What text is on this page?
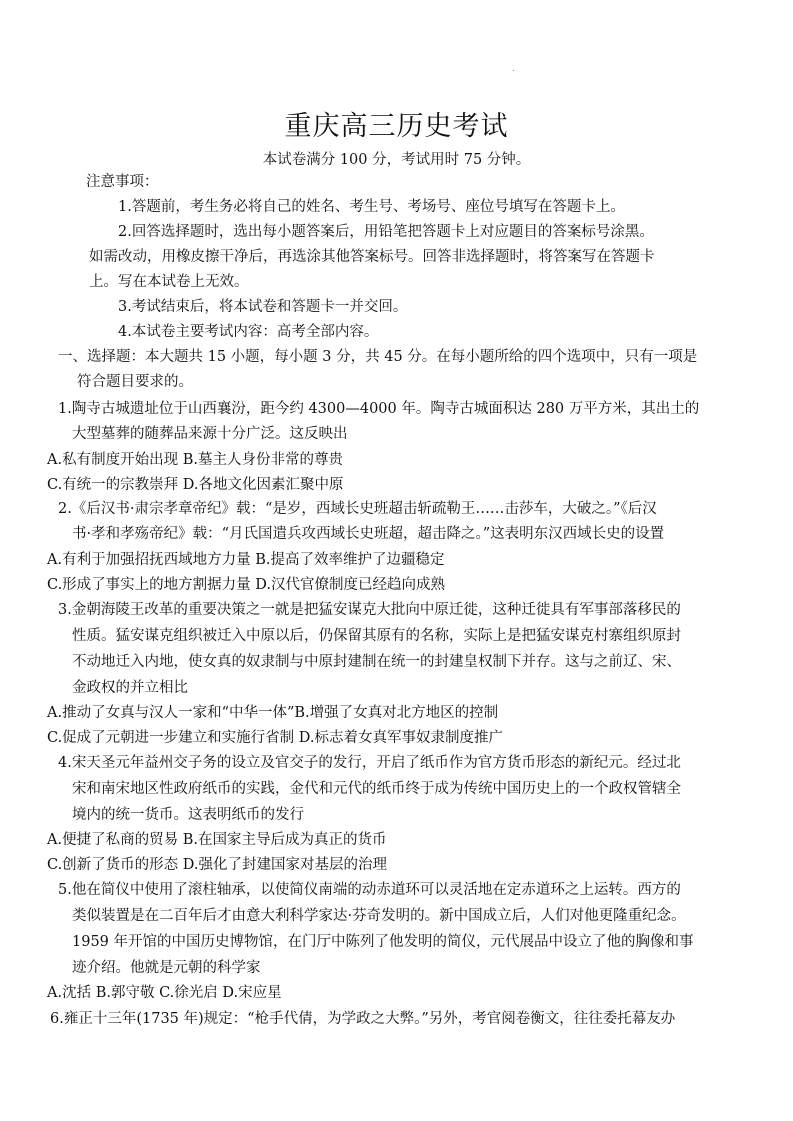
.
重庆高三历史考试
本试卷满分 100 分，考试用时 75 分钟。
注意事项：
1.答题前，考生务必将自己的姓名、考生号、考场号、座位号填写在答题卡上。
2.回答选择题时，选出每小题答案后，用铅笔把答题卡上对应题目的答案标号涂黑。
如需改动，用橡皮擦干净后，再选涂其他答案标号。回答非选择题时，将答案写在答题卡
上。写在本试卷上无效。
3.考试结束后，将本试卷和答题卡一并交回。
4.本试卷主要考试内容：高考全部内容。
一、选择题：本大题共 15 小题，每小题 3 分，共 45 分。在每小题所给的四个选项中，只有一项是
符合题目要求的。
1.陶寺古城遗址位于山西襄汾，距今约 4300—4000 年。陶寺古城面积达 280 万平方米，其出土的
大型墓葬的随葬品来源十分广泛。这反映出
A.私有制度开始出现 B.墓主人身份非常的尊贵
C.有统一的宗教崇拜 D.各地文化因素汇聚中原
2.《后汉书·肃宗孝章帝纪》载：“是岁，西域长史班超击斩疏勒王……击莎车，大破之。”《后汉
书·孝和孝殇帝纪》载：“月氏国遣兵攻西域长史班超，超击降之。”这表明东汉西域长史的设置
A.有利于加强招抚西域地方力量 B.提高了效率维护了边疆稳定
C.形成了事实上的地方割据力量 D.汉代官僚制度已经趋向成熟
3.金朝海陵王改革的重要决策之一就是把猛安谋克大批向中原迁徙，这种迁徙具有军事部落移民的
性质。猛安谋克组织被迁入中原以后，仍保留其原有的名称，实际上是把猛安谋克村寨组织原封
不动地迁入内地，使女真的奴隶制与中原封建制在统一的封建皇权制下并存。这与之前辽、宋、
金政权的并立相比
A.推动了女真与汉人一家和“中华一体”B.增强了女真对北方地区的控制
C.促成了元朝进一步建立和实施行省制 D.标志着女真军事奴隶制度推广
4.宋天圣元年益州交子务的设立及官交子的发行，开启了纸币作为官方货币形态的新纪元。经过北
宋和南宋地区性政府纸币的实践，金代和元代的纸币终于成为传统中国历史上的一个政权管辖全
境内的统一货币。这表明纸币的发行
A.便捷了私商的贸易 B.在国家主导后成为真正的货币
C.创新了货币的形态 D.强化了封建国家对基层的治理
5.他在简仪中使用了滚柱轴承，以使简仪南端的动赤道环可以灵活地在定赤道环之上运转。西方的
类似装置是在二百年后才由意大利科学家达·芬奇发明的。新中国成立后，人们对他更隆重纪念。
1959 年开馆的中国历史博物馆，在门厅中陈列了他发明的简仪，元代展品中设立了他的胸像和事
迹介绍。他就是元朝的科学家
A.沈括 B.郭守敬 C.徐光启 D.宋应星
6.雍正十三年(1735 年)规定：“枪手代倩，为学政之大弊。”另外，考官阅卷衡文，往往委托幕友办
